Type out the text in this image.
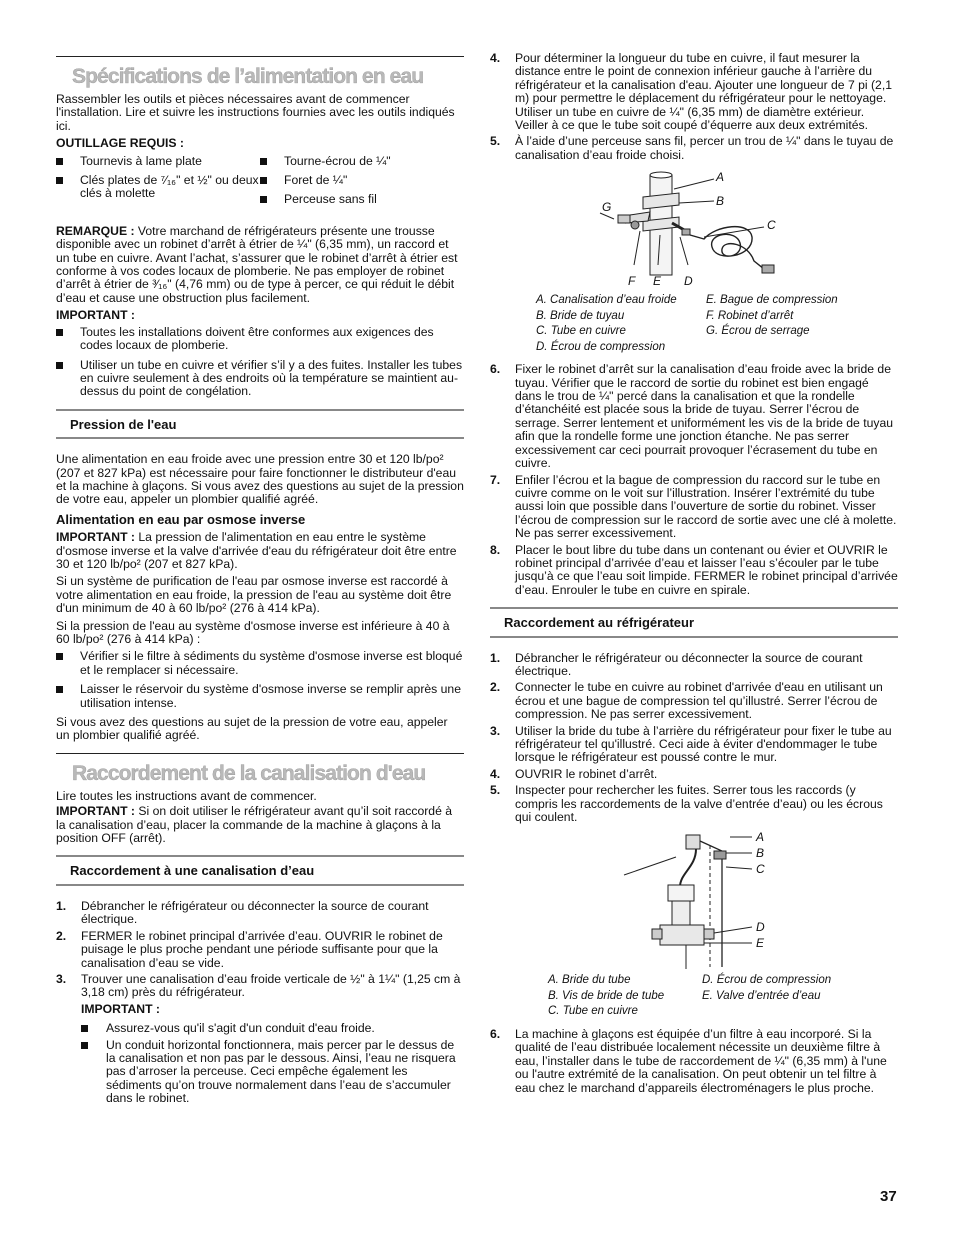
Spécifications de l’alimentation en eau

Rassembler les outils et pièces nécessaires avant de commencer l'installation. Lire et suivre les instructions fournies avec les outils indiqués ici.

OUTILLAGE REQUIS :

Tournevis à lame plate
Clés plates de ⁷⁄₁₆" et ½" ou deux clés à molette
Tourne-écrou de ¼"
Foret de ¼"
Perceuse sans fil

REMARQUE : Votre marchand de réfrigérateurs présente une trousse disponible avec un robinet d’arrêt à étrier de ¼" (6,35 mm), un raccord et un tube en cuivre. Avant l’achat, s’assurer que le robinet d’arrêt à étrier est conforme à vos codes locaux de plomberie. Ne pas employer de robinet d’arrêt à étrier de ³⁄₁₆" (4,76 mm) ou de type à percer, ce qui réduit le débit d’eau et cause une obstruction plus facilement.

IMPORTANT :

Toutes les installations doivent être conformes aux exigences des codes locaux de plomberie.
Utiliser un tube en cuivre et vérifier s’il y a des fuites. Installer les tubes en cuivre seulement à des endroits où la température se maintient au-dessus du point de congélation.
Pression de l'eau

Une alimentation en eau froide avec une pression entre 30 et 120 lb/po² (207 et 827 kPa) est nécessaire pour faire fonctionner le distributeur d'eau et la machine à glaçons. Si vous avez des questions au sujet de la pression de votre eau, appeler un plombier qualifié agréé.

Alimentation en eau par osmose inverse

IMPORTANT : La pression de l'alimentation en eau entre le système d'osmose inverse et la valve d'arrivée d'eau du réfrigérateur doit être entre 30 et 120 lb/po² (207 et 827 kPa).

Si un système de purification de l'eau par osmose inverse est raccordé à votre alimentation en eau froide, la pression de l'eau au système doit être d'un minimum de 40 à 60 lb/po² (276 à 414 kPa).

Si la pression de l'eau au système d'osmose inverse est inférieure à 40 à 60 lb/po² (276 à 414 kPa) :

Vérifier si le filtre à sédiments du système d'osmose inverse est bloqué et le remplacer si nécessaire.
Laisser le réservoir du système d'osmose inverse se remplir après une utilisation intense.

Si vous avez des questions au sujet de la pression de votre eau, appeler un plombier qualifié agréé.

Raccordement de la canalisation d'eau

Lire toutes les instructions avant de commencer.

IMPORTANT : Si on doit utiliser le réfrigérateur avant qu’il soit raccordé à la canalisation d’eau, placer la commande de la machine à glaçons à la position OFF (arrêt).

Raccordement à une canalisation d’eau
1. Débrancher le réfrigérateur ou déconnecter la source de courant électrique.
2. FERMER le robinet principal d’arrivée d’eau. OUVRIR le robinet de puisage le plus proche pendant une période suffisante pour que la canalisation d’eau se vide.
3. Trouver une canalisation d’eau froide verticale de ½" à 1¼" (1,25 cm à 3,18 cm) près du réfrigérateur.
IMPORTANT :
Assurez-vous qu'il s'agit d'un conduit d'eau froide.
Un conduit horizontal fonctionnera, mais percer par le dessus de la canalisation et non pas par le dessous. Ainsi, l’eau ne risquera pas d’arroser la perceuse. Ceci empêche également les sédiments qu’on trouve normalement dans l’eau de s’accumuler dans le robinet.
4. Pour déterminer la longueur du tube en cuivre, il faut mesurer la distance entre le point de connexion inférieur gauche à l’arrière du réfrigérateur et la canalisation d'eau. Ajouter une longueur de 7 pi (2,1 m) pour permettre le déplacement du réfrigérateur pour le nettoyage. Utiliser un tube en cuivre de ¼" (6,35 mm) de diamètre extérieur. Veiller à ce que le tube soit coupé d’équerre aux deux extrémités.
5. À l’aide d’une perceuse sans fil, percer un trou de ¼" dans le tuyau de canalisation d’eau froide choisi.
A
B
C
G
F E D
A. Canalisation d’eau froide	E. Bague de compression
B. Bride de tuyau	F. Robinet d’arrêt
C. Tube en cuivre	G. Écrou de serrage
D. Écrou de compression
6. Fixer le robinet d’arrêt sur la canalisation d’eau froide avec la bride de tuyau. Vérifier que le raccord de sortie du robinet est bien engagé dans le trou de ¼" percé dans la canalisation et que la rondelle d’étanchéité est placée sous la bride de tuyau. Serrer l’écrou de serrage. Serrer lentement et uniformément les vis de la bride de tuyau afin que la rondelle forme une jonction étanche. Ne pas serrer excessivement car ceci pourrait provoquer l’écrasement du tube en cuivre.
7. Enfiler l’écrou et la bague de compression du raccord sur le tube en cuivre comme on le voit sur l’illustration. Insérer l’extrémité du tube aussi loin que possible dans l’ouverture de sortie du robinet. Visser l’écrou de compression sur le raccord de sortie avec une clé à molette. Ne pas serrer excessivement.
8. Placer le bout libre du tube dans un contenant ou évier et OUVRIR le robinet principal d’arrivée d’eau et laisser l’eau s’écouler par le tube jusqu’à ce que l’eau soit limpide. FERMER le robinet principal d’arrivée d’eau. Enrouler le tube en cuivre en spirale.
Raccordement au réfrigérateur
1. Débrancher le réfrigérateur ou déconnecter la source de courant électrique.
2. Connecter le tube en cuivre au robinet d'arrivée d'eau en utilisant un écrou et une bague de compression tel qu’illustré. Serrer l’écrou de compression. Ne pas serrer excessivement.
3. Utiliser la bride du tube à l’arrière du réfrigérateur pour fixer le tube au réfrigérateur tel qu'illustré. Ceci aide à éviter d'endommager le tube lorsque le réfrigérateur est poussé contre le mur.
4. OUVRIR le robinet d’arrêt.
5. Inspecter pour rechercher les fuites. Serrer tous les raccords (y compris les raccordements de la valve d’entrée d’eau) ou les écrous qui coulent.
A
B
C
D
E
A. Bride du tube	D. Écrou de compression
B. Vis de bride de tube	E. Valve d’entrée d’eau
C. Tube en cuivre
6. La machine à glaçons est équipée d’un filtre à eau incorporé. Si la qualité de l’eau distribuée localement nécessite un deuxième filtre à eau, l’installer dans le tube de raccordement de ¼" (6,35 mm) à l'une ou l'autre extrémité de la canalisation. On peut obtenir un tel filtre à eau chez le marchand d’appareils électroménagers le plus proche.
37
